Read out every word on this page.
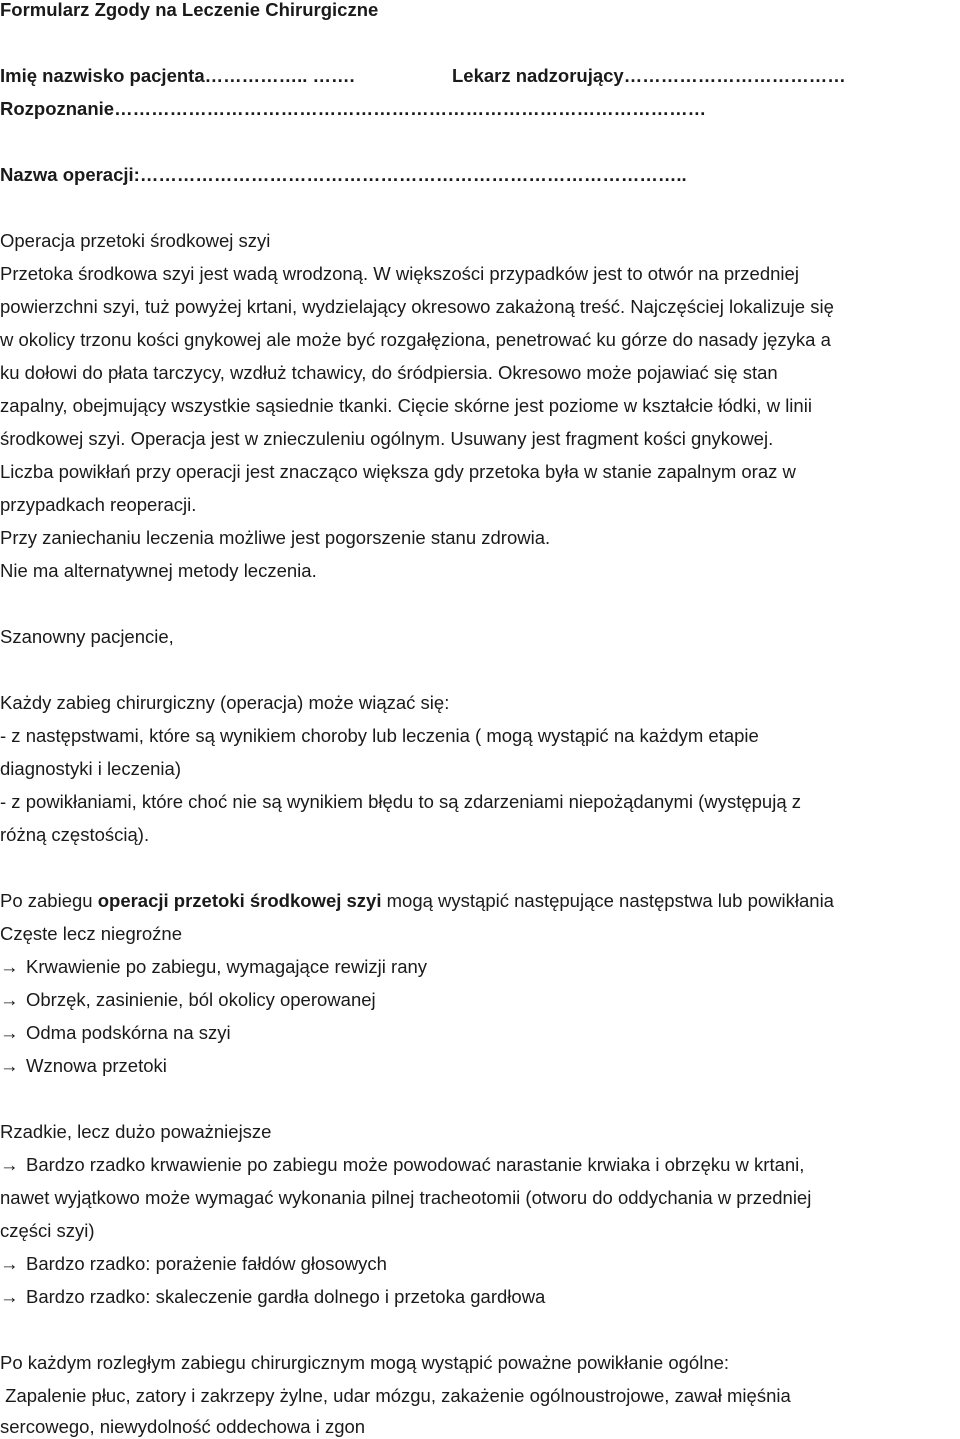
Formularz Zgody na Leczenie Chirurgiczne
Imię nazwisko pacjenta…………….. …….	Lekarz nadzorujący………………………………
Rozpoznanie……………………………………………………………………………………
Nazwa operacji:……………………………………………………………………………..
Operacja przetoki środkowej szyi
Przetoka środkowa szyi jest wadą wrodzoną. W większości przypadków jest to otwór na przedniej
powierzchni szyi, tuż powyżej krtani, wydzielający okresowo zakażoną treść. Najczęściej lokalizuje się
w okolicy trzonu kości gnykowej ale może być rozgałęziona, penetrować ku górze do nasady języka a
ku dołowi do płata tarczycy, wzdłuż tchawicy, do śródpiersia. Okresowo może pojawiać się stan
zapalny, obejmujący wszystkie sąsiednie tkanki. Cięcie skórne jest poziome w kształcie łódki, w linii
środkowej szyi. Operacja jest w znieczuleniu ogólnym. Usuwany jest fragment kości gnykowej.
Liczba powikłań przy operacji jest znacząco większa gdy przetoka była w stanie zapalnym oraz w
przypadkach reoperacji.
Przy zaniechaniu leczenia możliwe jest pogorszenie stanu zdrowia.
Nie ma alternatywnej metody leczenia.
Szanowny pacjencie,
Każdy zabieg chirurgiczny (operacja) może wiązać się:
- z następstwami, które są wynikiem choroby lub leczenia ( mogą wystąpić na każdym etapie
diagnostyki i leczenia)
- z powikłaniami, które choć nie są wynikiem błędu to są zdarzeniami niepożądanymi (występują z
różną częstością).
Po zabiegu operacji przetoki środkowej szyi mogą wystąpić następujące następstwa lub powikłania
Częste lecz niegroźne
→ Krwawienie po zabiegu, wymagające rewizji rany
→ Obrzęk, zasinienie, ból okolicy operowanej
→ Odma podskórna na szyi
→ Wznowa przetoki
Rzadkie, lecz dużo poważniejsze
→ Bardzo rzadko krwawienie po zabiegu może powodować narastanie krwiaka i obrzęku w krtani,
nawet wyjątkowo może wymagać wykonania pilnej tracheotomii (otworu do oddychania w przedniej
części szyi)
→ Bardzo rzadko: porażenie fałdów głosowych
→ Bardzo rzadko: skaleczenie gardła dolnego i przetoka gardłowa
Po każdym rozległym zabiegu chirurgicznym mogą wystąpić poważne powikłanie ogólne:
Zapalenie płuc, zatory i zakrzepy żylne, udar mózgu, zakażenie ogólnoustrojowe, zawał mięśnia
sercowego, niewydolność oddechowa i zgon
